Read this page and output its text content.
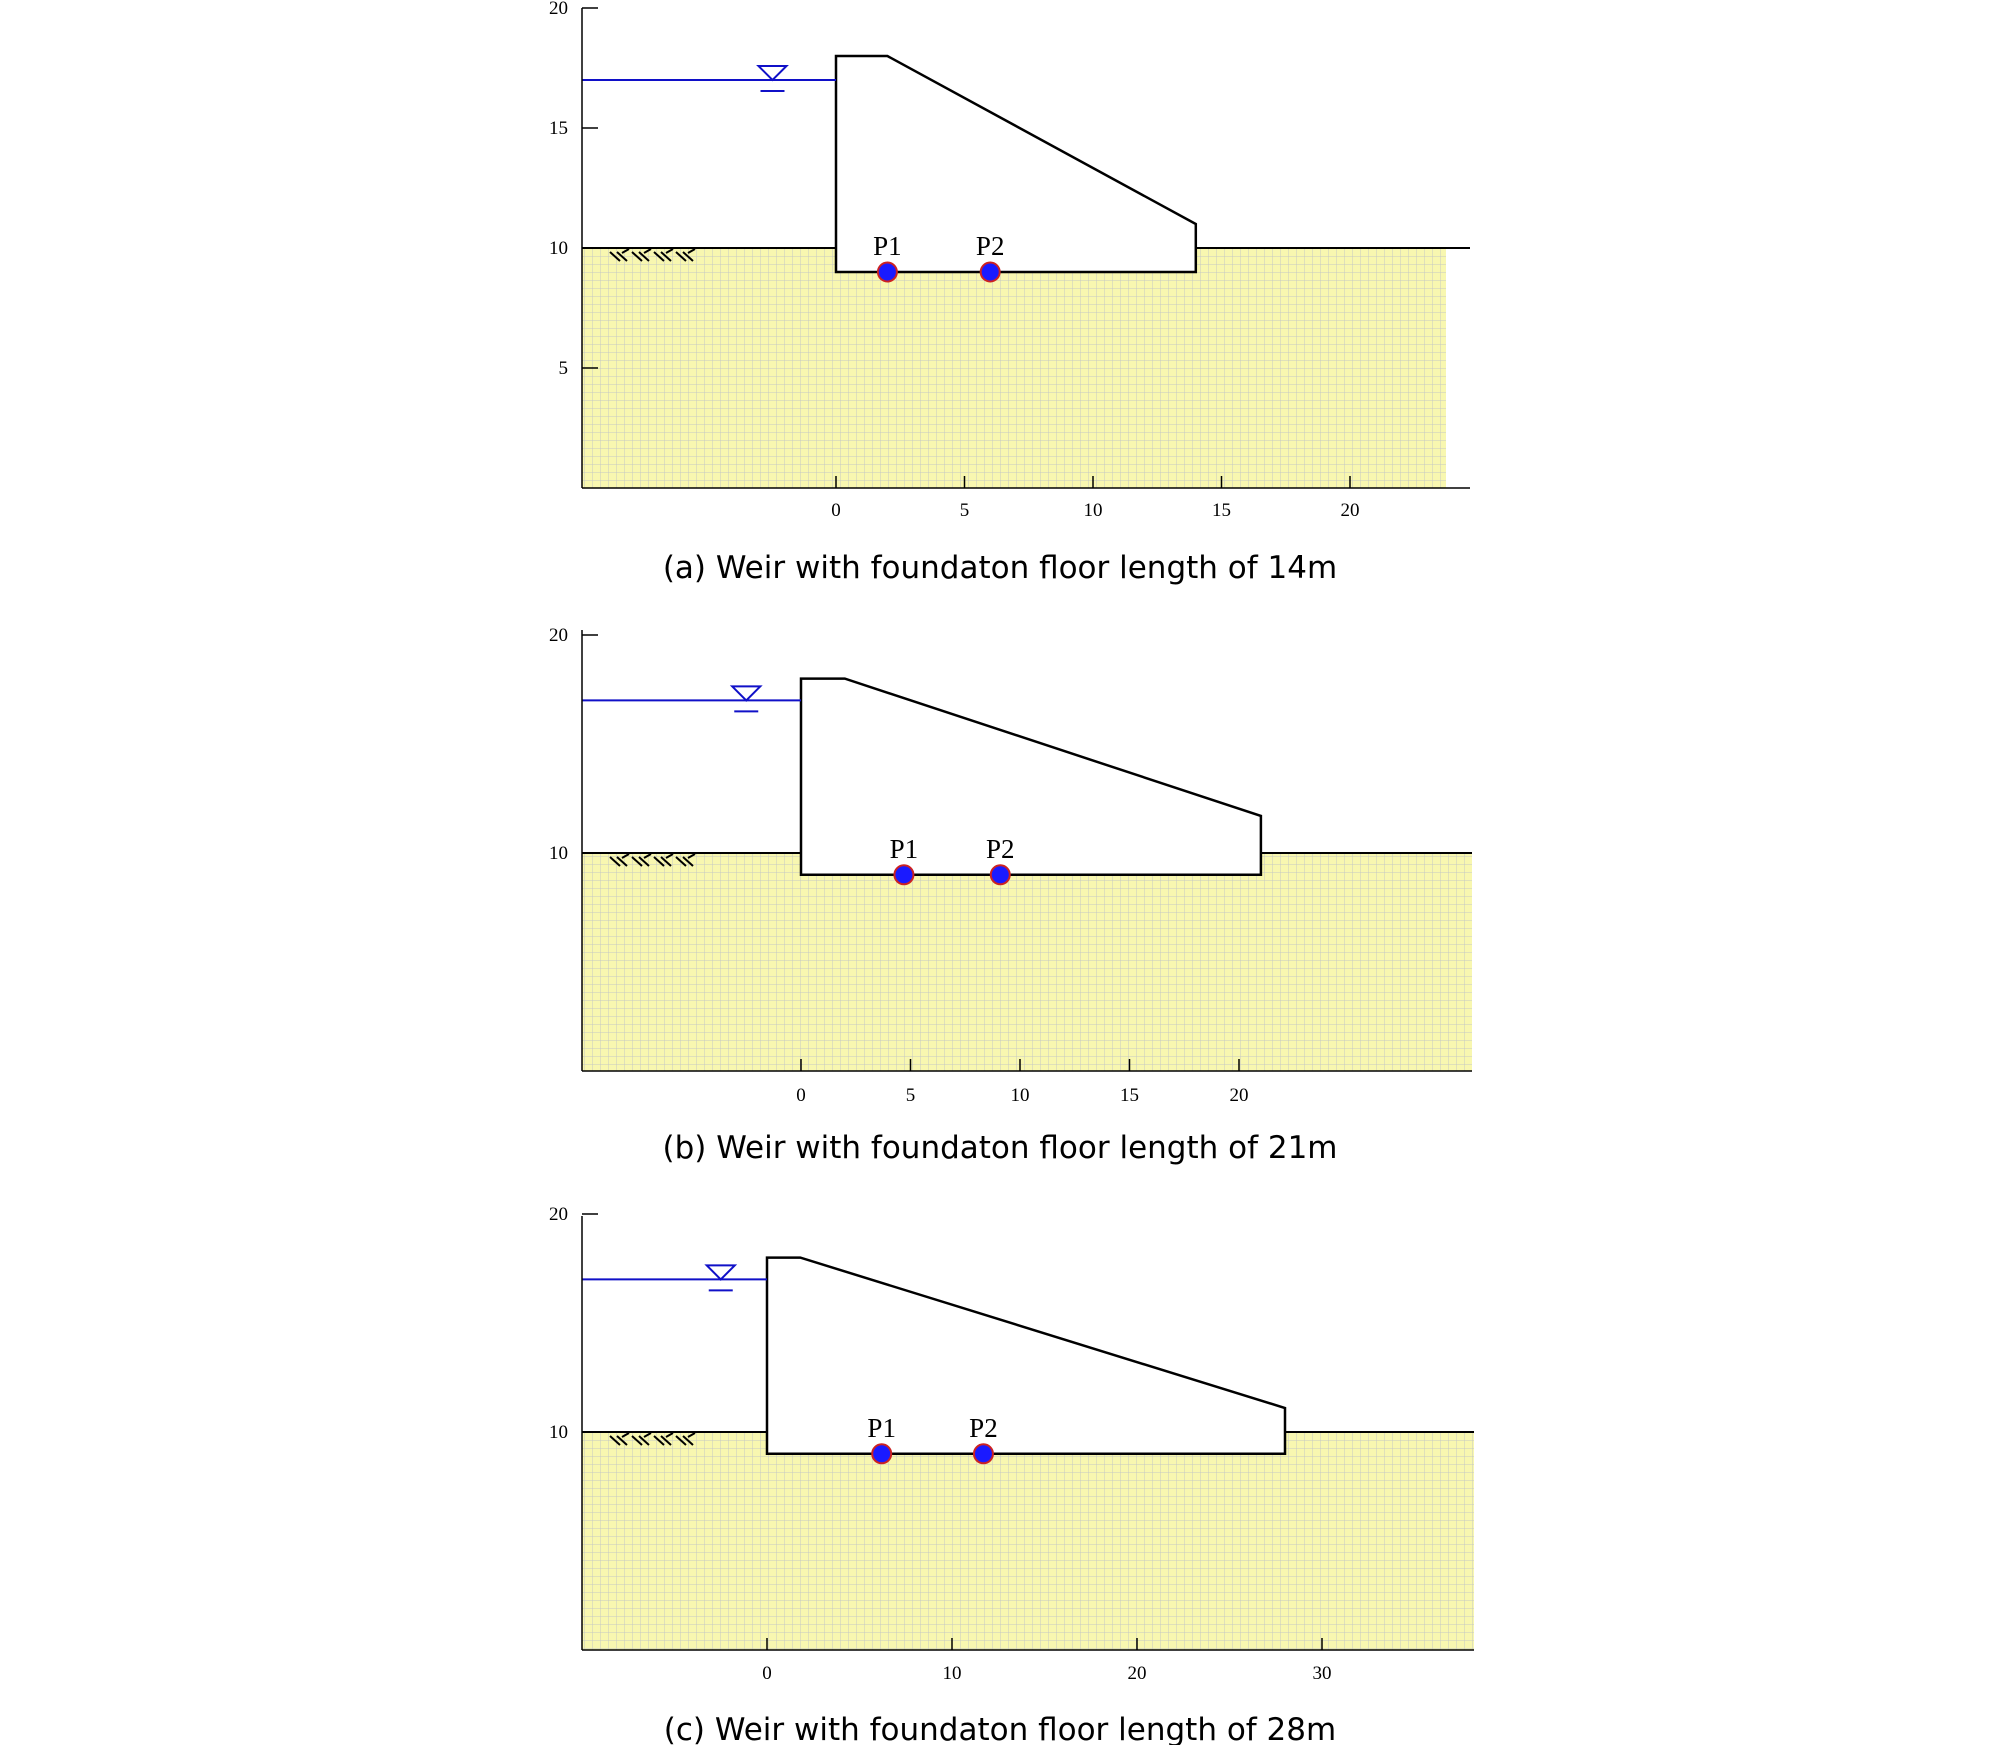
5
10
15
20
0	5	10	15	20
P1	P2
(a) Weir with foundaton floor length of 14m
10
20
0	5	10	15	20
P1	P2
(b) Weir with foundaton floor length of 21m
10
20
0	10	20	30
P1	P2
(c) Weir with foundaton floor length of 28m
